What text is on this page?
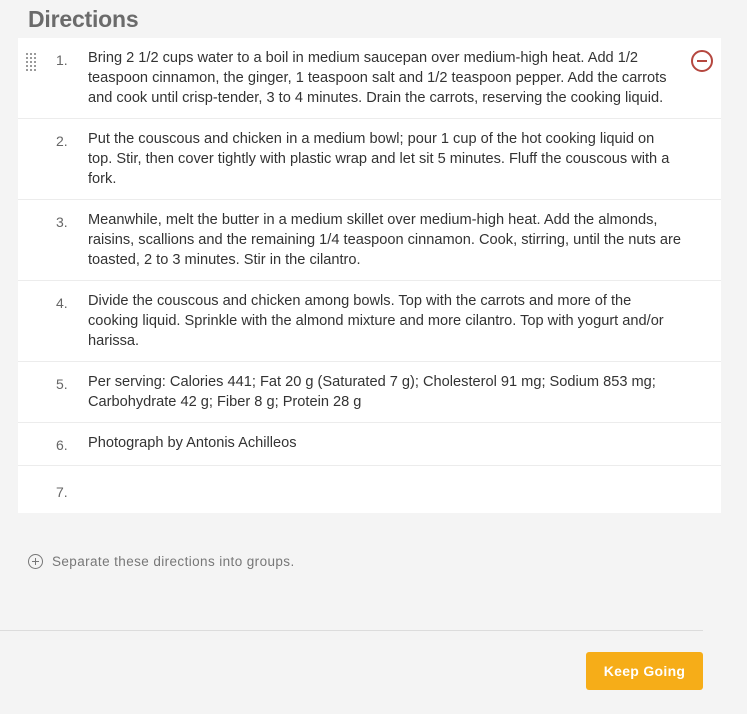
Directions
1.	Bring 2 1/2 cups water to a boil in medium saucepan over medium-high heat. Add 1/2 teaspoon cinnamon, the ginger, 1 teaspoon salt and 1/2 teaspoon pepper. Add the carrots and cook until crisp-tender, 3 to 4 minutes. Drain the carrots, reserving the cooking liquid.
2.	Put the couscous and chicken in a medium bowl; pour 1 cup of the hot cooking liquid on top. Stir, then cover tightly with plastic wrap and let sit 5 minutes. Fluff the couscous with a fork.
3.	Meanwhile, melt the butter in a medium skillet over medium-high heat. Add the almonds, raisins, scallions and the remaining 1/4 teaspoon cinnamon. Cook, stirring, until the nuts are toasted, 2 to 3 minutes. Stir in the cilantro.
4.	Divide the couscous and chicken among bowls. Top with the carrots and more of the cooking liquid. Sprinkle with the almond mixture and more cilantro. Top with yogurt and/or harissa.
5.	Per serving: Calories 441; Fat 20 g (Saturated 7 g); Cholesterol 91 mg; Sodium 853 mg; Carbohydrate 42 g; Fiber 8 g; Protein 28 g
6.	Photograph by Antonis Achilleos
7.
Separate these directions into groups.
Keep Going
